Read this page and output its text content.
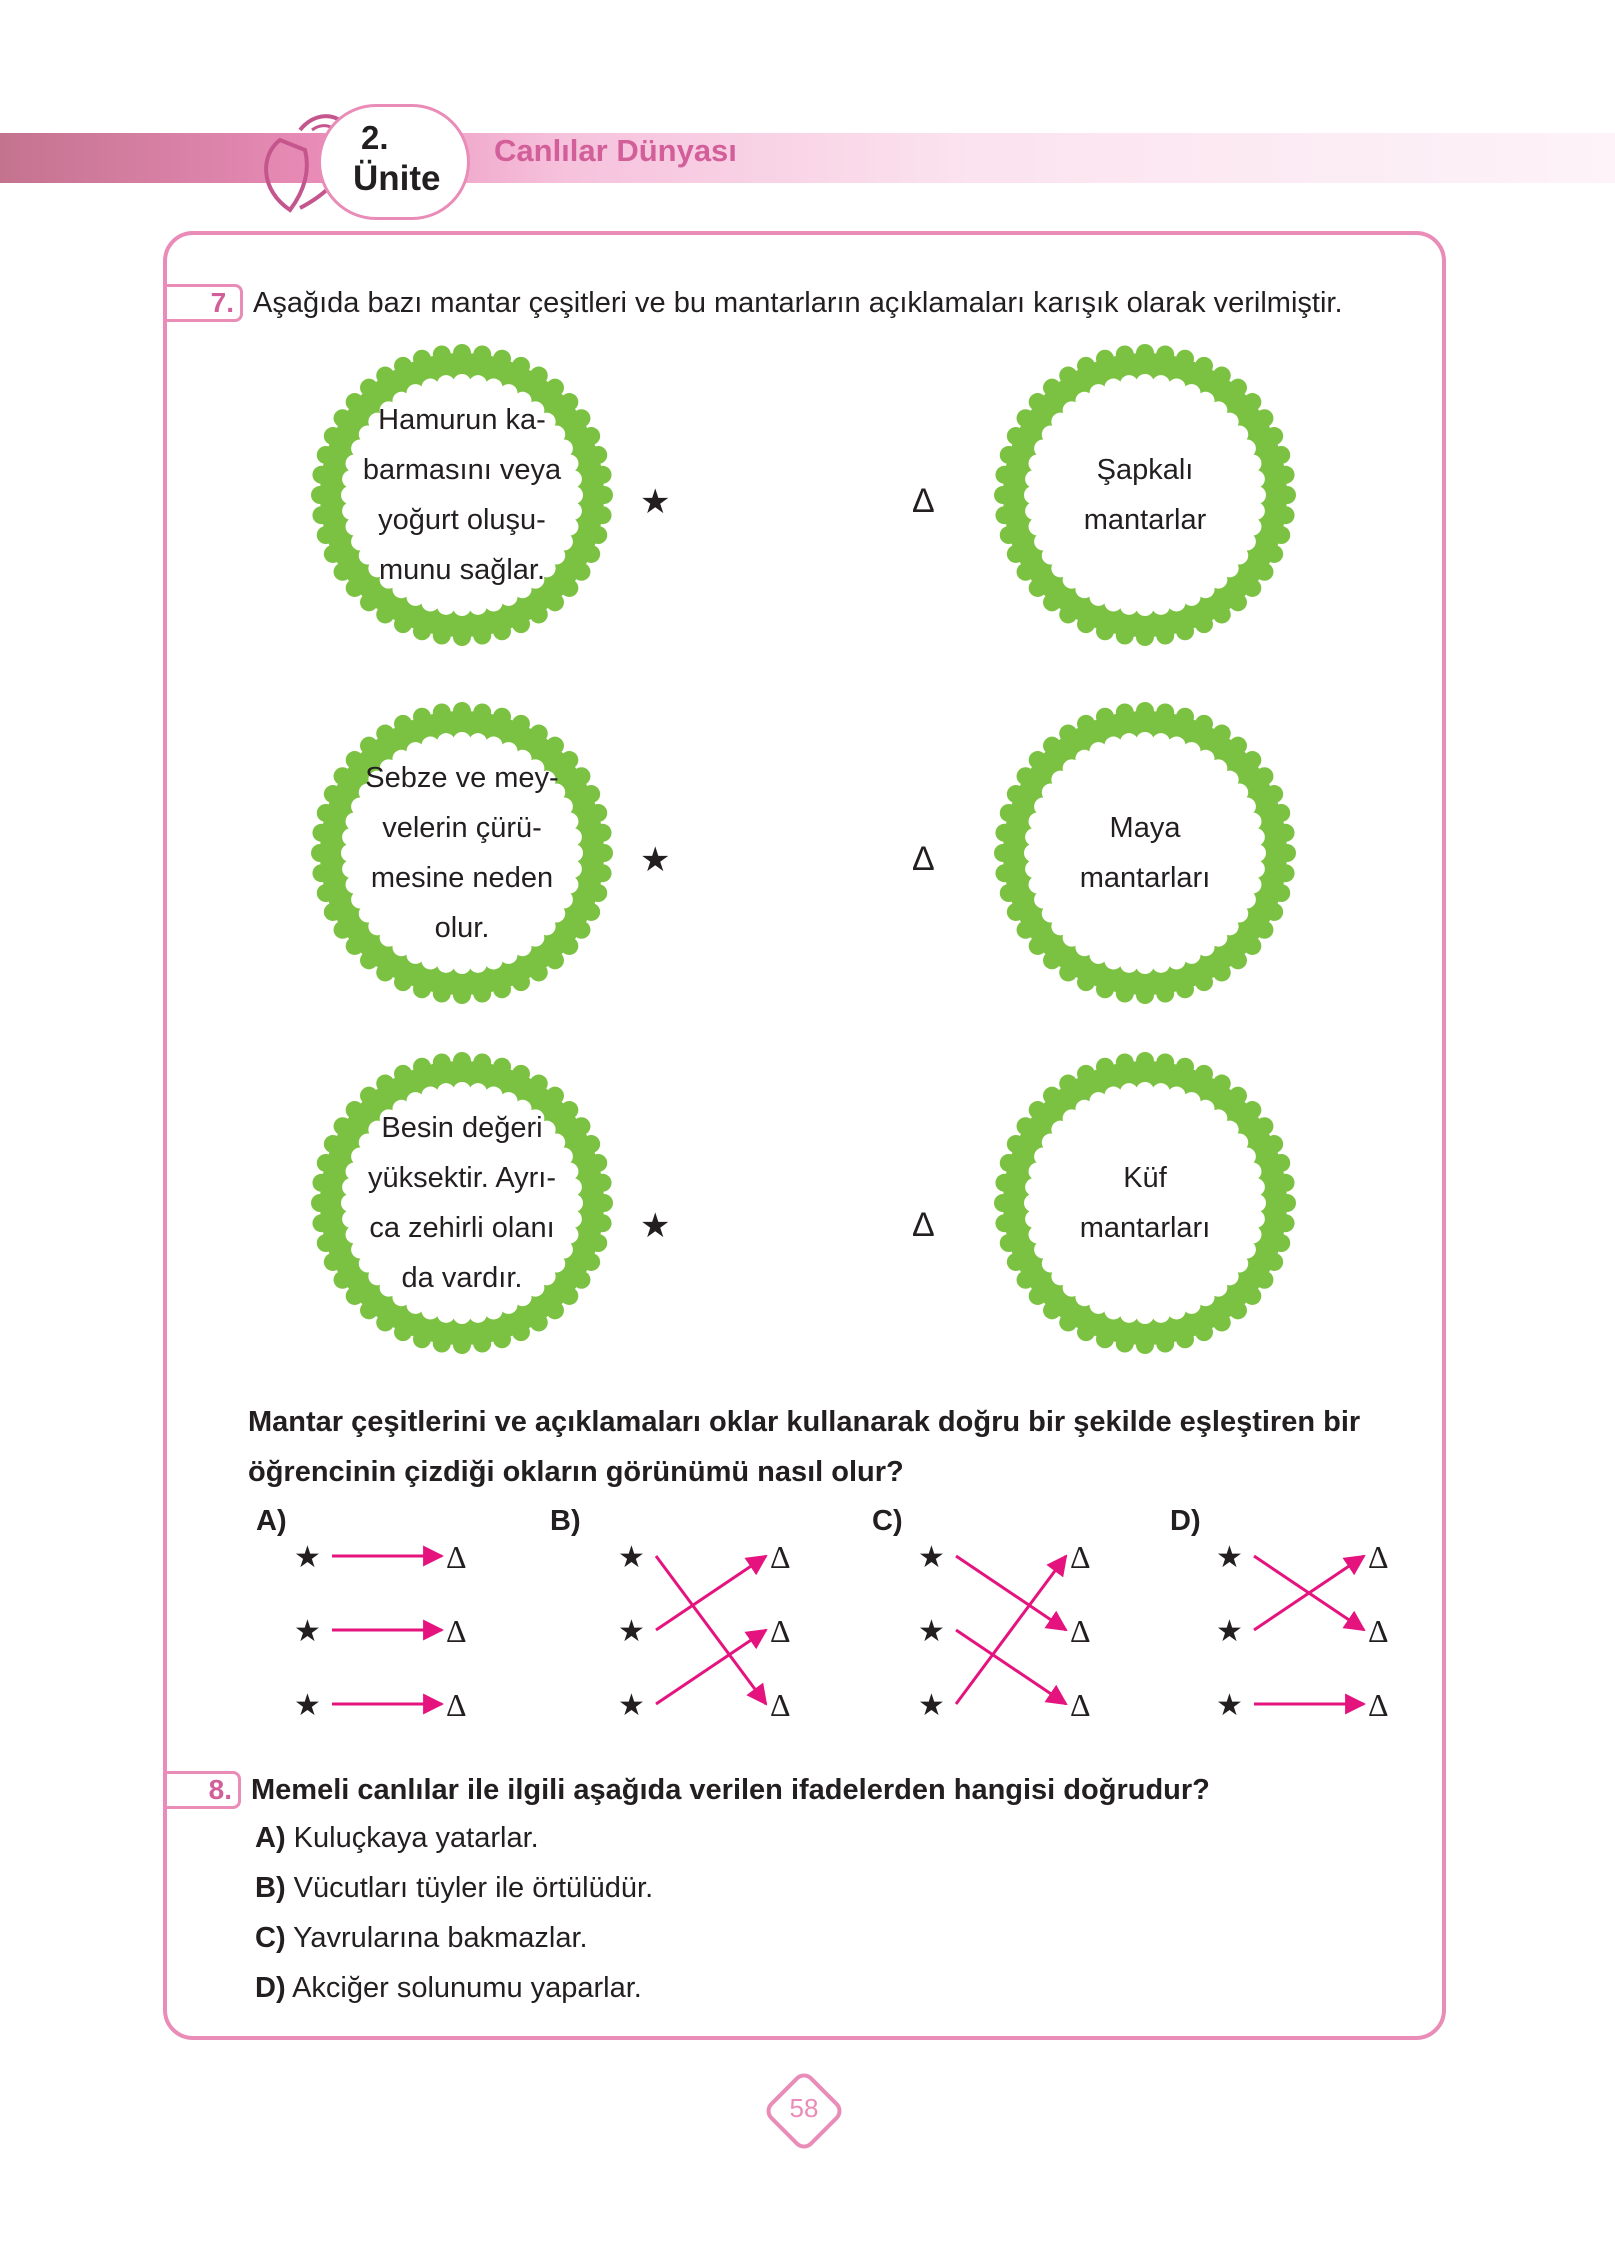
2.
Ünite
Canlılar Dünyası
7. Aşağıda bazı mantar çeşitleri ve bu mantarların açıklamaları karışık olarak verilmiştir.
Hamurun ka-
barmasını veya
yoğurt oluşu-
munu sağlar.
Sebze ve mey-
velerin çürü-
mesine neden
olur.
Besin değeri
yüksektir. Ayrı-
ca zehirli olanı
da vardır.
Şapkalı
mantarlar
Maya
mantarları
Küf
mantarları
★
★
★
Δ
Δ
Δ
Mantar çeşitlerini ve açıklamaları oklar kullanarak doğru bir şekilde eşleştiren bir
öğrencinin çizdiği okların görünümü nasıl olur?
A)	B)	C)	D)
★	Δ
★	Δ
★	Δ
★	Δ
★	Δ
★	Δ
★	Δ
★	Δ
★	Δ
★	Δ
★	Δ
★	Δ
8. Memeli canlılar ile ilgili aşağıda verilen ifadelerden hangisi doğrudur?
A) Kuluçkaya yatarlar.
B) Vücutları tüyler ile örtülüdür.
C) Yavrularına bakmazlar.
D) Akciğer solunumu yaparlar.
58
